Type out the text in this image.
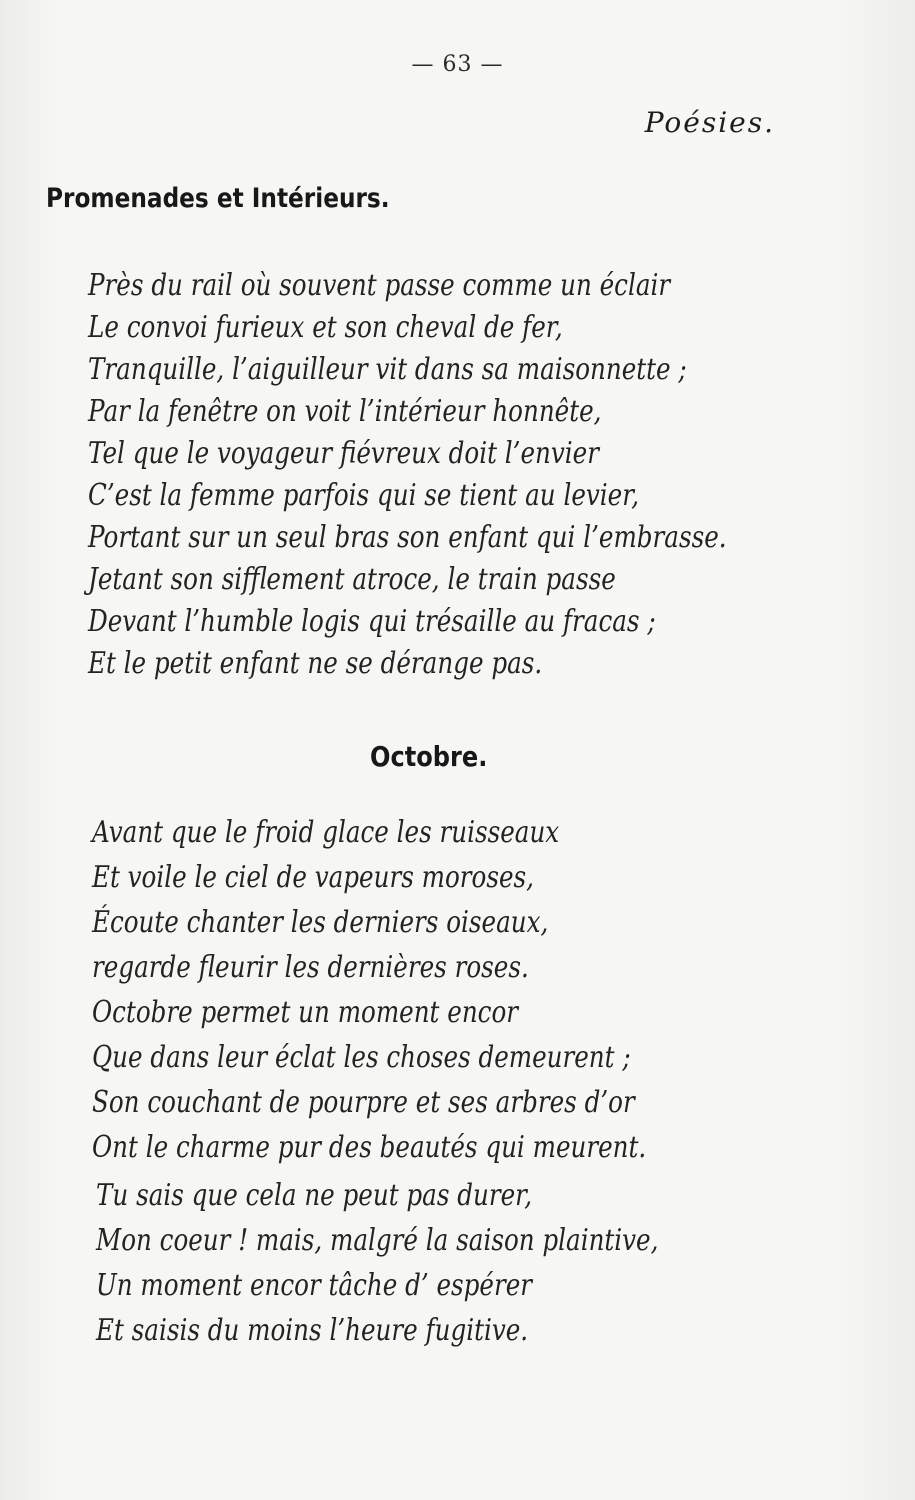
— 63 —
Poésies.
Promenades et Intérieurs.
Près du rail où souvent passe comme un éclair
Le convoi furieux et son cheval de fer,
Tranquille, l’aiguilleur vit dans sa maisonnette ;
Par la fenêtre on voit l’intérieur honnête,
Tel que le voyageur fiévreux doit l’envier
C’est la femme parfois qui se tient au levier,
Portant sur un seul bras son enfant qui l’embrasse.
Jetant son sifflement atroce, le train passe
Devant l’humble logis qui trésaille au fracas ;
Et le petit enfant ne se dérange pas.
Octobre.
Avant que le froid glace les ruisseaux
Et voile le ciel de vapeurs moroses,
Écoute chanter les derniers oiseaux,
regarde fleurir les dernières roses.
Octobre permet un moment encor
Que dans leur éclat les choses demeurent ;
Son couchant de pourpre et ses arbres d’or
Ont le charme pur des beautés qui meurent.
Tu sais que cela ne peut pas durer,
Mon coeur ! mais, malgré la saison plaintive,
Un moment encor tâche d’ espérer
Et saisis du moins l’heure fugitive.
